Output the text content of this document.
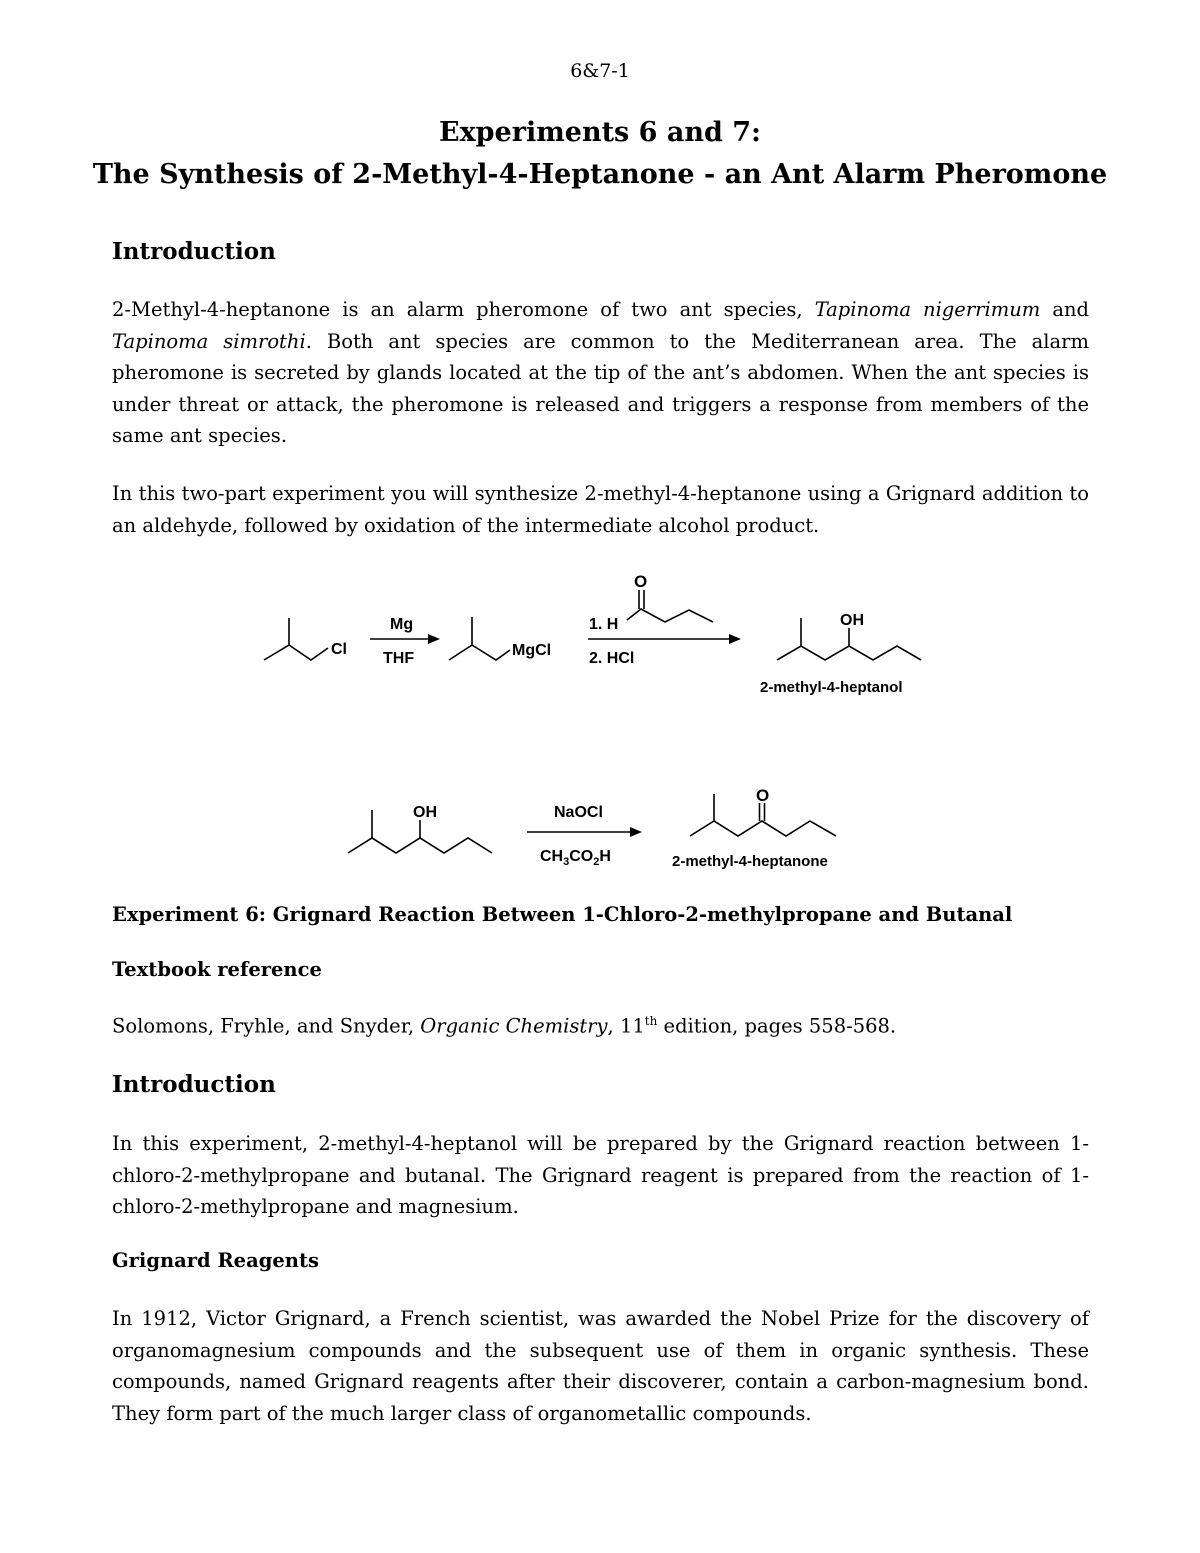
6&7-1
Experiments 6 and 7:
The Synthesis of 2-Methyl-4-Heptanone - an Ant Alarm Pheromone
Introduction
2-Methyl-4-heptanone is an alarm pheromone of two ant species, Tapinoma nigerrimum and Tapinoma simrothi. Both ant species are common to the Mediterranean area. The alarm pheromone is secreted by glands located at the tip of the ant’s abdomen. When the ant species is under threat or attack, the pheromone is released and triggers a response from members of the same ant species.
In this two-part experiment you will synthesize 2-methyl-4-heptanone using a Grignard addition to an aldehyde, followed by oxidation of the intermediate alcohol product.
Cl
Mg
THF	MgCl
O
1. H
2. HCl
OH
2-methyl-4-heptanol
OH	NaOCl
$CH_3CO_2H$
O
2-methyl-4-heptanone
Experiment 6: Grignard Reaction Between 1-Chloro-2-methylpropane and Butanal
Textbook reference
Solomons, Fryhle, and Snyder, Organic Chemistry, 11th edition, pages 558-568.
Introduction
In this experiment, 2-methyl-4-heptanol will be prepared by the Grignard reaction between 1-chloro-2-methylpropane and butanal. The Grignard reagent is prepared from the reaction of 1-chloro-2-methylpropane and magnesium.
Grignard Reagents
In 1912, Victor Grignard, a French scientist, was awarded the Nobel Prize for the discovery of organomagnesium compounds and the subsequent use of them in organic synthesis. These compounds, named Grignard reagents after their discoverer, contain a carbon-magnesium bond. They form part of the much larger class of organometallic compounds.
